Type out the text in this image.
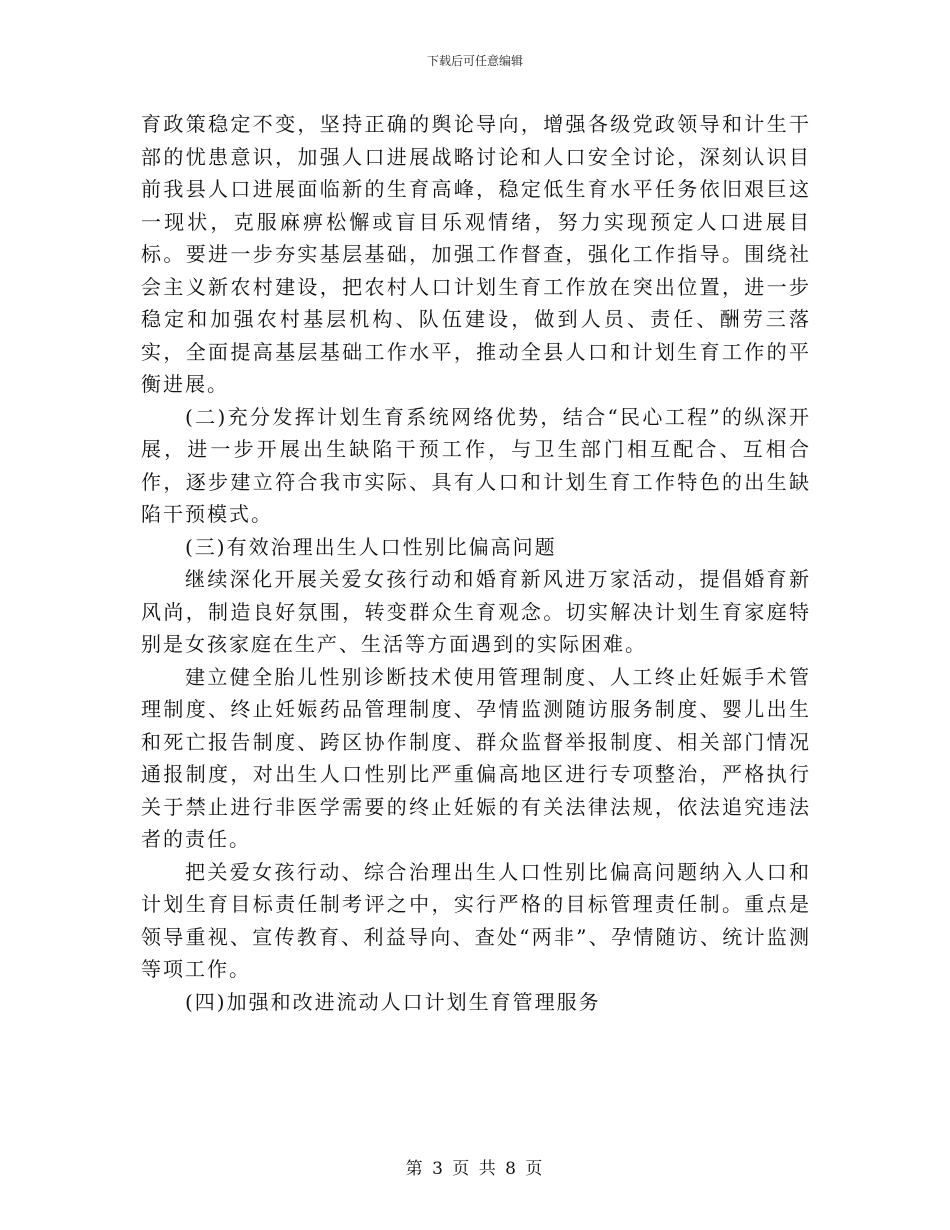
下载后可任意编辑

育政策稳定不变，坚持正确的舆论导向，增强各级党政领导和计生干部的忧患意识，加强人口进展战略讨论和人口安全讨论，深刻认识目前我县人口进展面临新的生育高峰，稳定低生育水平任务依旧艰巨这一现状，克服麻痹松懈或盲目乐观情绪，努力实现预定人口进展目标。要进一步夯实基层基础，加强工作督查，强化工作指导。围绕社会主义新农村建设，把农村人口计划生育工作放在突出位置，进一步稳定和加强农村基层机构、队伍建设，做到人员、责任、酬劳三落实，全面提高基层基础工作水平，推动全县人口和计划生育工作的平衡进展。

(二)充分发挥计划生育系统网络优势，结合“民心工程”的纵深开展，进一步开展出生缺陷干预工作，与卫生部门相互配合、互相合作，逐步建立符合我市实际、具有人口和计划生育工作特色的出生缺陷干预模式。

(三)有效治理出生人口性别比偏高问题

继续深化开展关爱女孩行动和婚育新风进万家活动，提倡婚育新风尚，制造良好氛围，转变群众生育观念。切实解决计划生育家庭特别是女孩家庭在生产、生活等方面遇到的实际困难。

建立健全胎儿性别诊断技术使用管理制度、人工终止妊娠手术管理制度、终止妊娠药品管理制度、孕情监测随访服务制度、婴儿出生和死亡报告制度、跨区协作制度、群众监督举报制度、相关部门情况通报制度，对出生人口性别比严重偏高地区进行专项整治，严格执行关于禁止进行非医学需要的终止妊娠的有关法律法规，依法追究违法者的责任。

把关爱女孩行动、综合治理出生人口性别比偏高问题纳入人口和计划生育目标责任制考评之中，实行严格的目标管理责任制。重点是领导重视、宣传教育、利益导向、查处“两非”、孕情随访、统计监测等项工作。

(四)加强和改进流动人口计划生育管理服务

第 3 页 共 8 页
